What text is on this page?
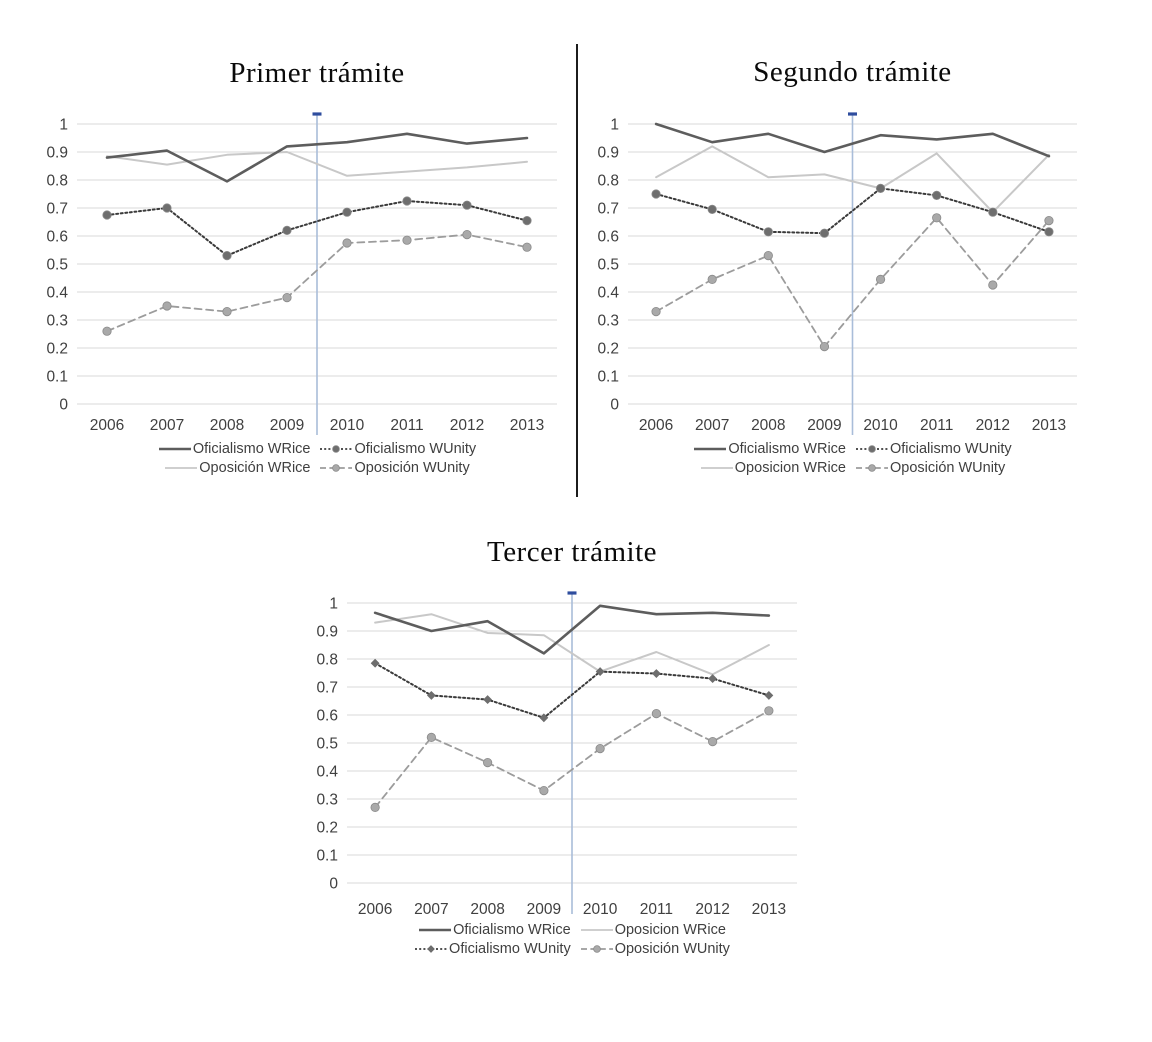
Primer trámite
1
0.9
0.8
0.7
0.6
0.5
0.4
0.3
0.2
0.1
0
2006 2007 2008 2009 2010 2011 2012 2013
Oficialismo WRice	Oficialismo WUnity
Oposición WRice	Oposición WUnity
Segundo trámite
1
0.9
0.8
0.7
0.6
0.5
0.4
0.3
0.2
0.1
0
2006 2007 2008 2009 2010 2011 2012 2013
Oficialismo WRice	Oficialismo WUnity
Oposicion WRice	Oposición WUnity
Tercer trámite
1
0.9
0.8
0.7
0.6
0.5
0.4
0.3
0.2
0.1
0
2006 2007 2008 2009 2010 2011 2012 2013
Oficialismo WRice	Oposicion WRice
Oficialismo WUnity	Oposición WUnity
